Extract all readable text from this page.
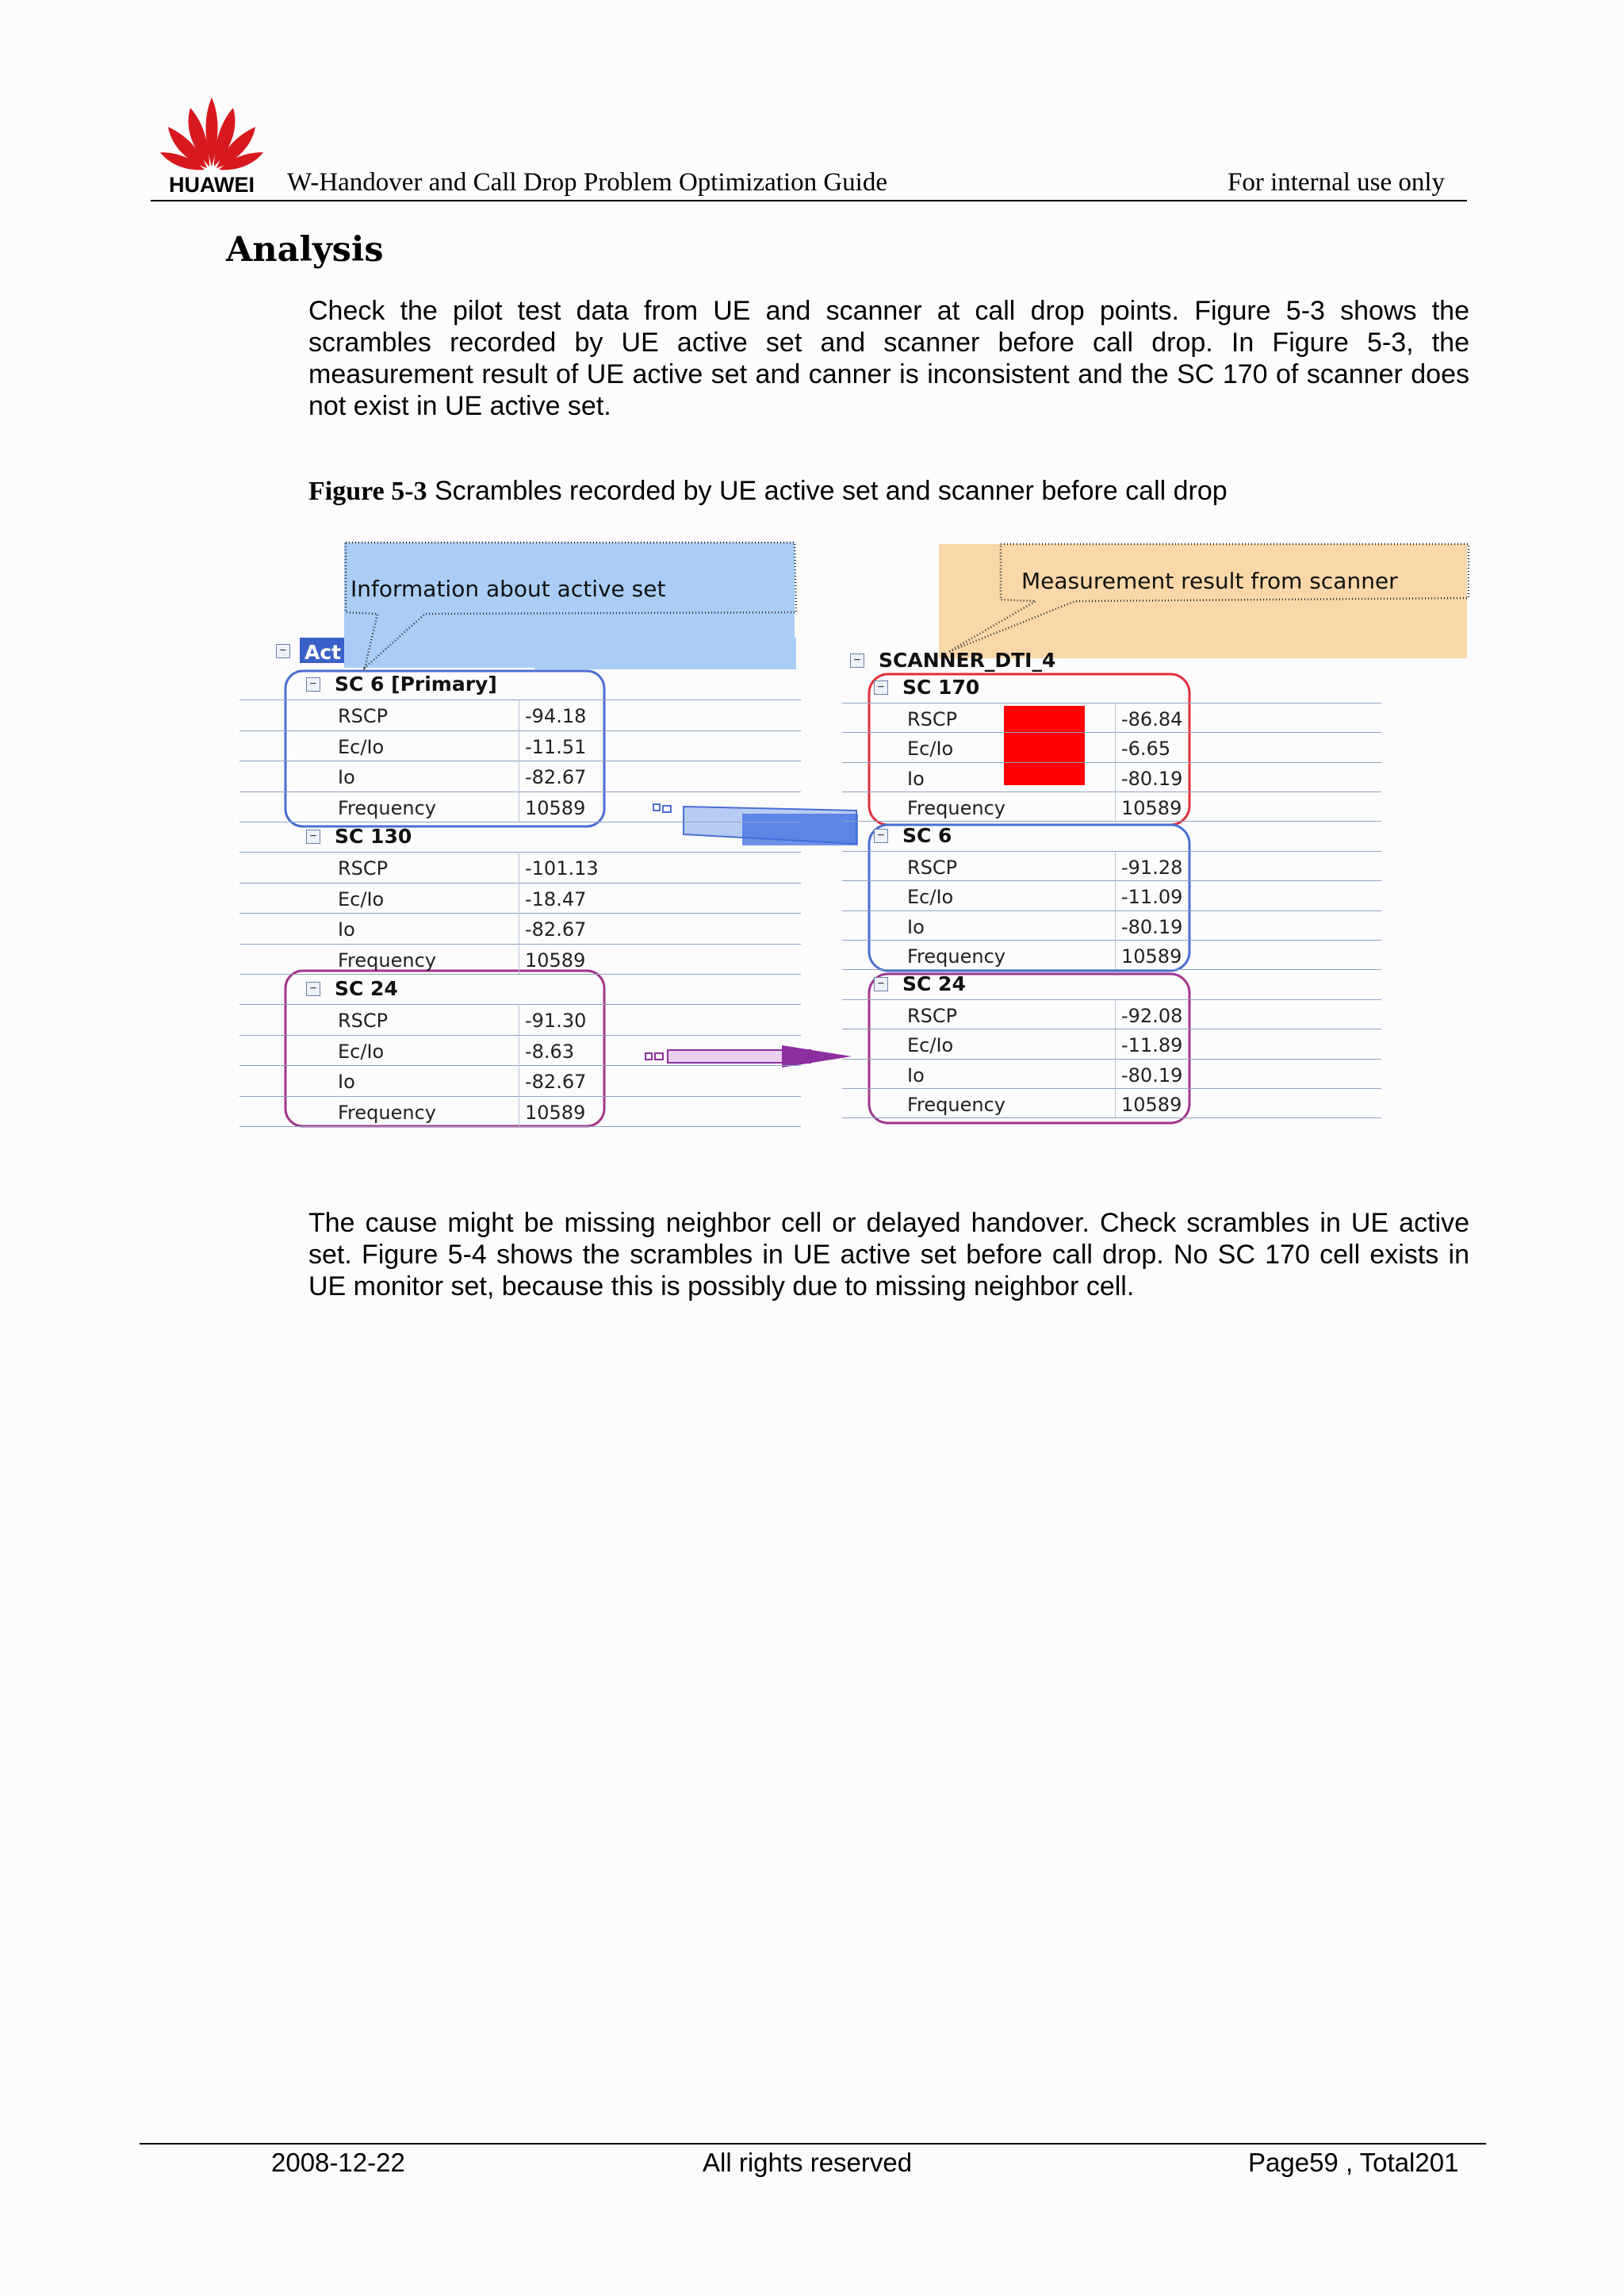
HUAWEI	W-Handover and Call Drop Problem Optimization Guide	For internal use only
Analysis
Check the pilot test data from UE and scanner at call drop points. Figure 5-3 shows the scrambles recorded by UE active set and scanner before call drop. In Figure 5-3, the measurement result of UE active set and canner is inconsistent and the SC 170 of scanner does not exist in UE active set.
Figure 5-3 Scrambles recorded by UE active set and scanner before call drop
Information about active set	Measurement result from scanner
− Act	− SCANNER_DTI_4
− SC 6 [Primary]
RSCP	-94.18
Ec/Io	-11.51
Io	-82.67
Frequency	10589
− SC 130
RSCP	-101.13
Ec/Io	-18.47
Io	-82.67
Frequency	10589
− SC 24
RSCP	-91.30
Ec/Io	-8.63
Io	-82.67
Frequency	10589
− SC 170
RSCP	-86.84
Ec/Io	-6.65
Io	-80.19
Frequency	10589
− SC 6
RSCP	-91.28
Ec/Io	-11.09
Io	-80.19
Frequency	10589
− SC 24
RSCP	-92.08
Ec/Io	-11.89
Io	-80.19
Frequency	10589
The cause might be missing neighbor cell or delayed handover. Check scrambles in UE active set. Figure 5-4 shows the scrambles in UE active set before call drop. No SC 170 cell exists in UE monitor set, because this is possibly due to missing neighbor cell.
2008-12-22	All rights reserved	Page59 , Total201
